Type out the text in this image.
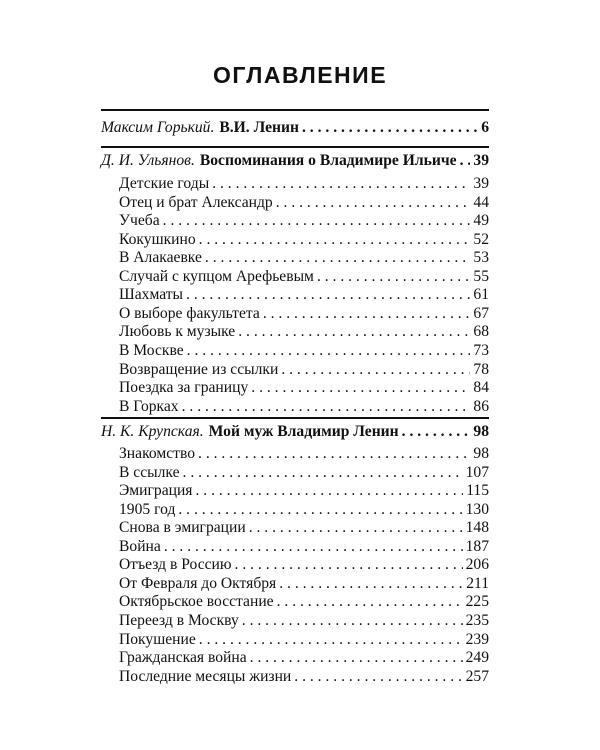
ОГЛАВЛЕНИЕ
Максим Горький. В.И. Ленин . . .	6
Д. И. Ульянов. Воспоминания о Владимире Ильиче . . . 39
Детские годы . . .	39
Отец и брат Александр . . .	44
Учеба . . .	49
Кокушкино . . .	52
В Алакаевке . . .	53
Случай с купцом Арефьевым . . .	55
Шахматы . . .	61
О выборе факультета . . .	67
Любовь к музыке . . .	68
В Москве . . .	73
Возвращение из ссылки . . .	78
Поездка за границу . . .	84
В Горках . . .	86
Н. К. Крупская. Мой муж Владимир Ленин . . .	98
Знакомство . . .	98
В ссылке . . .	107
Эмиграция . . .	115
1905 год . . .	130
Снова в эмиграции . . .	148
Война . . .	187
Отъезд в Россию . . .	206
От Февраля до Октября . . .	211
Октябрьское восстание . . .	225
Переезд в Москву . . .	235
Покушение . . .	239
Гражданская война . . .	249
Последние месяцы жизни . . .	257
